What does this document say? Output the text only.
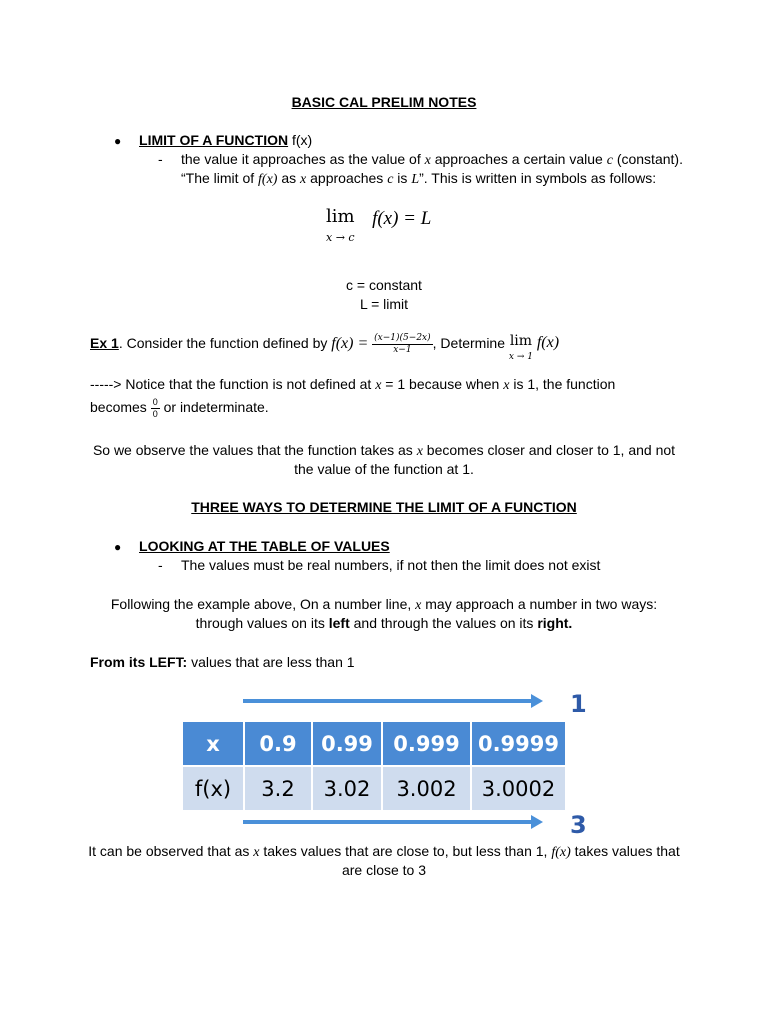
BASIC CAL PRELIM NOTES
● LIMIT OF A FUNCTION f(x)
- the value it approaches as the value of x approaches a certain value c (constant).
“The limit of f(x) as x approaches c is L”. This is written in symbols as follows:
lim
x → c
f(x) = L
c = constant
L = limit
Ex 1. Consider the function defined by $f(x) = \frac{(x-1)(5-2x)}{x-1}$ , Determine lim
x → 1
f(x)
-----> Notice that the function is not defined at x = 1 because when x is 1, the function
becomes $\frac{0}{0}$ or indeterminate.
So we observe the values that the function takes as x becomes closer and closer to 1, and not
the value of the function at 1.
THREE WAYS TO DETERMINE THE LIMIT OF A FUNCTION
● LOOKING AT THE TABLE OF VALUES
- The values must be real numbers, if not then the limit does not exist
Following the example above, On a number line, x may approach a number in two ways:
through values on its left and through the values on its right.
From its LEFT: values that are less than 1
1
x	0.9	0.99	0.999	0.9999
f(x)	3.2	3.02	3.002	3.0002
3
It can be observed that as x takes values that are close to, but less than 1, f(x) takes values that
are close to 3
